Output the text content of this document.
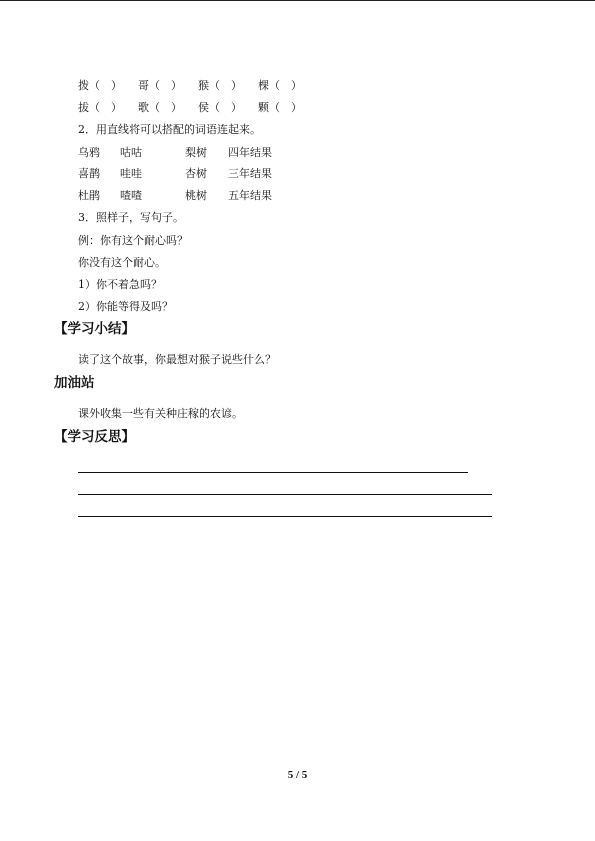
拨（　） 哥（　） 猴（　） 棵（　）
拔（　） 歌（　） 侯（　） 颗（　）
2．用直线将可以搭配的词语连起来。
乌鸦 咕咕	梨树 四年结果
喜鹊 哇哇	杏树 三年结果
杜鹃 喳喳	桃树 五年结果
3．照样子，写句子。
例：你有这个耐心吗？
你没有这个耐心。
1）你不着急吗？
2）你能等得及吗？
【学习小结】
读了这个故事，你最想对猴子说些什么？
加油站
课外收集一些有关种庄稼的农谚。
【学习反思】
5 / 5
